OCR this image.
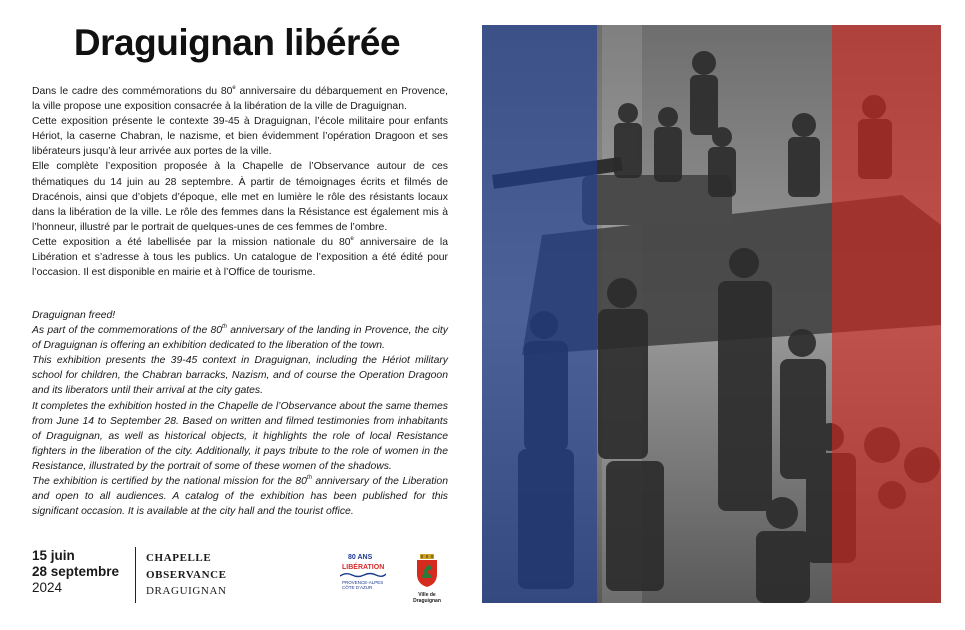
Draguignan libérée

Dans le cadre des commémorations du 80e anniversaire du débarquement en Provence, la ville propose une exposition consacrée à la libération de la ville de Draguignan.

Cette exposition présente le contexte 39-45 à Draguignan, l’école militaire pour enfants Hériot, la caserne Chabran, le nazisme, et bien évidemment l’opération Dragoon et ses libérateurs jusqu’à leur arrivée aux portes de la ville.

Elle complète l’exposition proposée à la Chapelle de l’Observance autour de ces thématiques du 14 juin au 28 septembre. À partir de témoignages écrits et filmés de Dracénois, ainsi que d’objets d’époque, elle met en lumière le rôle des résistants locaux dans la libération de la ville. Le rôle des femmes dans la Résistance est également mis à l’honneur, illustré par le portrait de quelques-unes de ces femmes de l’ombre.

Cette exposition a été labellisée par la mission nationale du 80e anniversaire de la Libération et s’adresse à tous les publics. Un catalogue de l’exposition a été édité pour l’occasion. Il est disponible en mairie et à l’Office de tourisme.

Draguignan freed!

As part of the commemorations of the 80th anniversary of the landing in Provence, the city of Draguignan is offering an exhibition dedicated to the liberation of the town.

This exhibition presents the 39-45 context in Draguignan, including the Hériot military school for children, the Chabran barracks, Nazism, and of course the Operation Dragoon and its liberators until their arrival at the city gates.

It completes the exhibition hosted in the Chapelle de l’Observance about the same themes from June 14 to September 28. Based on written and filmed testimonies from inhabitants of Draguignan, as well as historical objects, it highlights the role of local Resistance fighters in the liberation of the city. Additionally, it pays tribute to the role of women in the Resistance, illustrated by the portrait of some of these women of the shadows.

The exhibition is certified by the national mission for the 80th anniversary of the Liberation and open to all audiences. A catalog of the exhibition has been published for this significant occasion. It is available at the city hall and the tourist office.

15 juin
28 septembre
2024
CHAPELLE
OBSERVANCE
DRAGUIGNAN
80 ANS
LIBÉRATION
PROVENCE-ALPES CÔTE D’AZUR
Ville de Draguignan
